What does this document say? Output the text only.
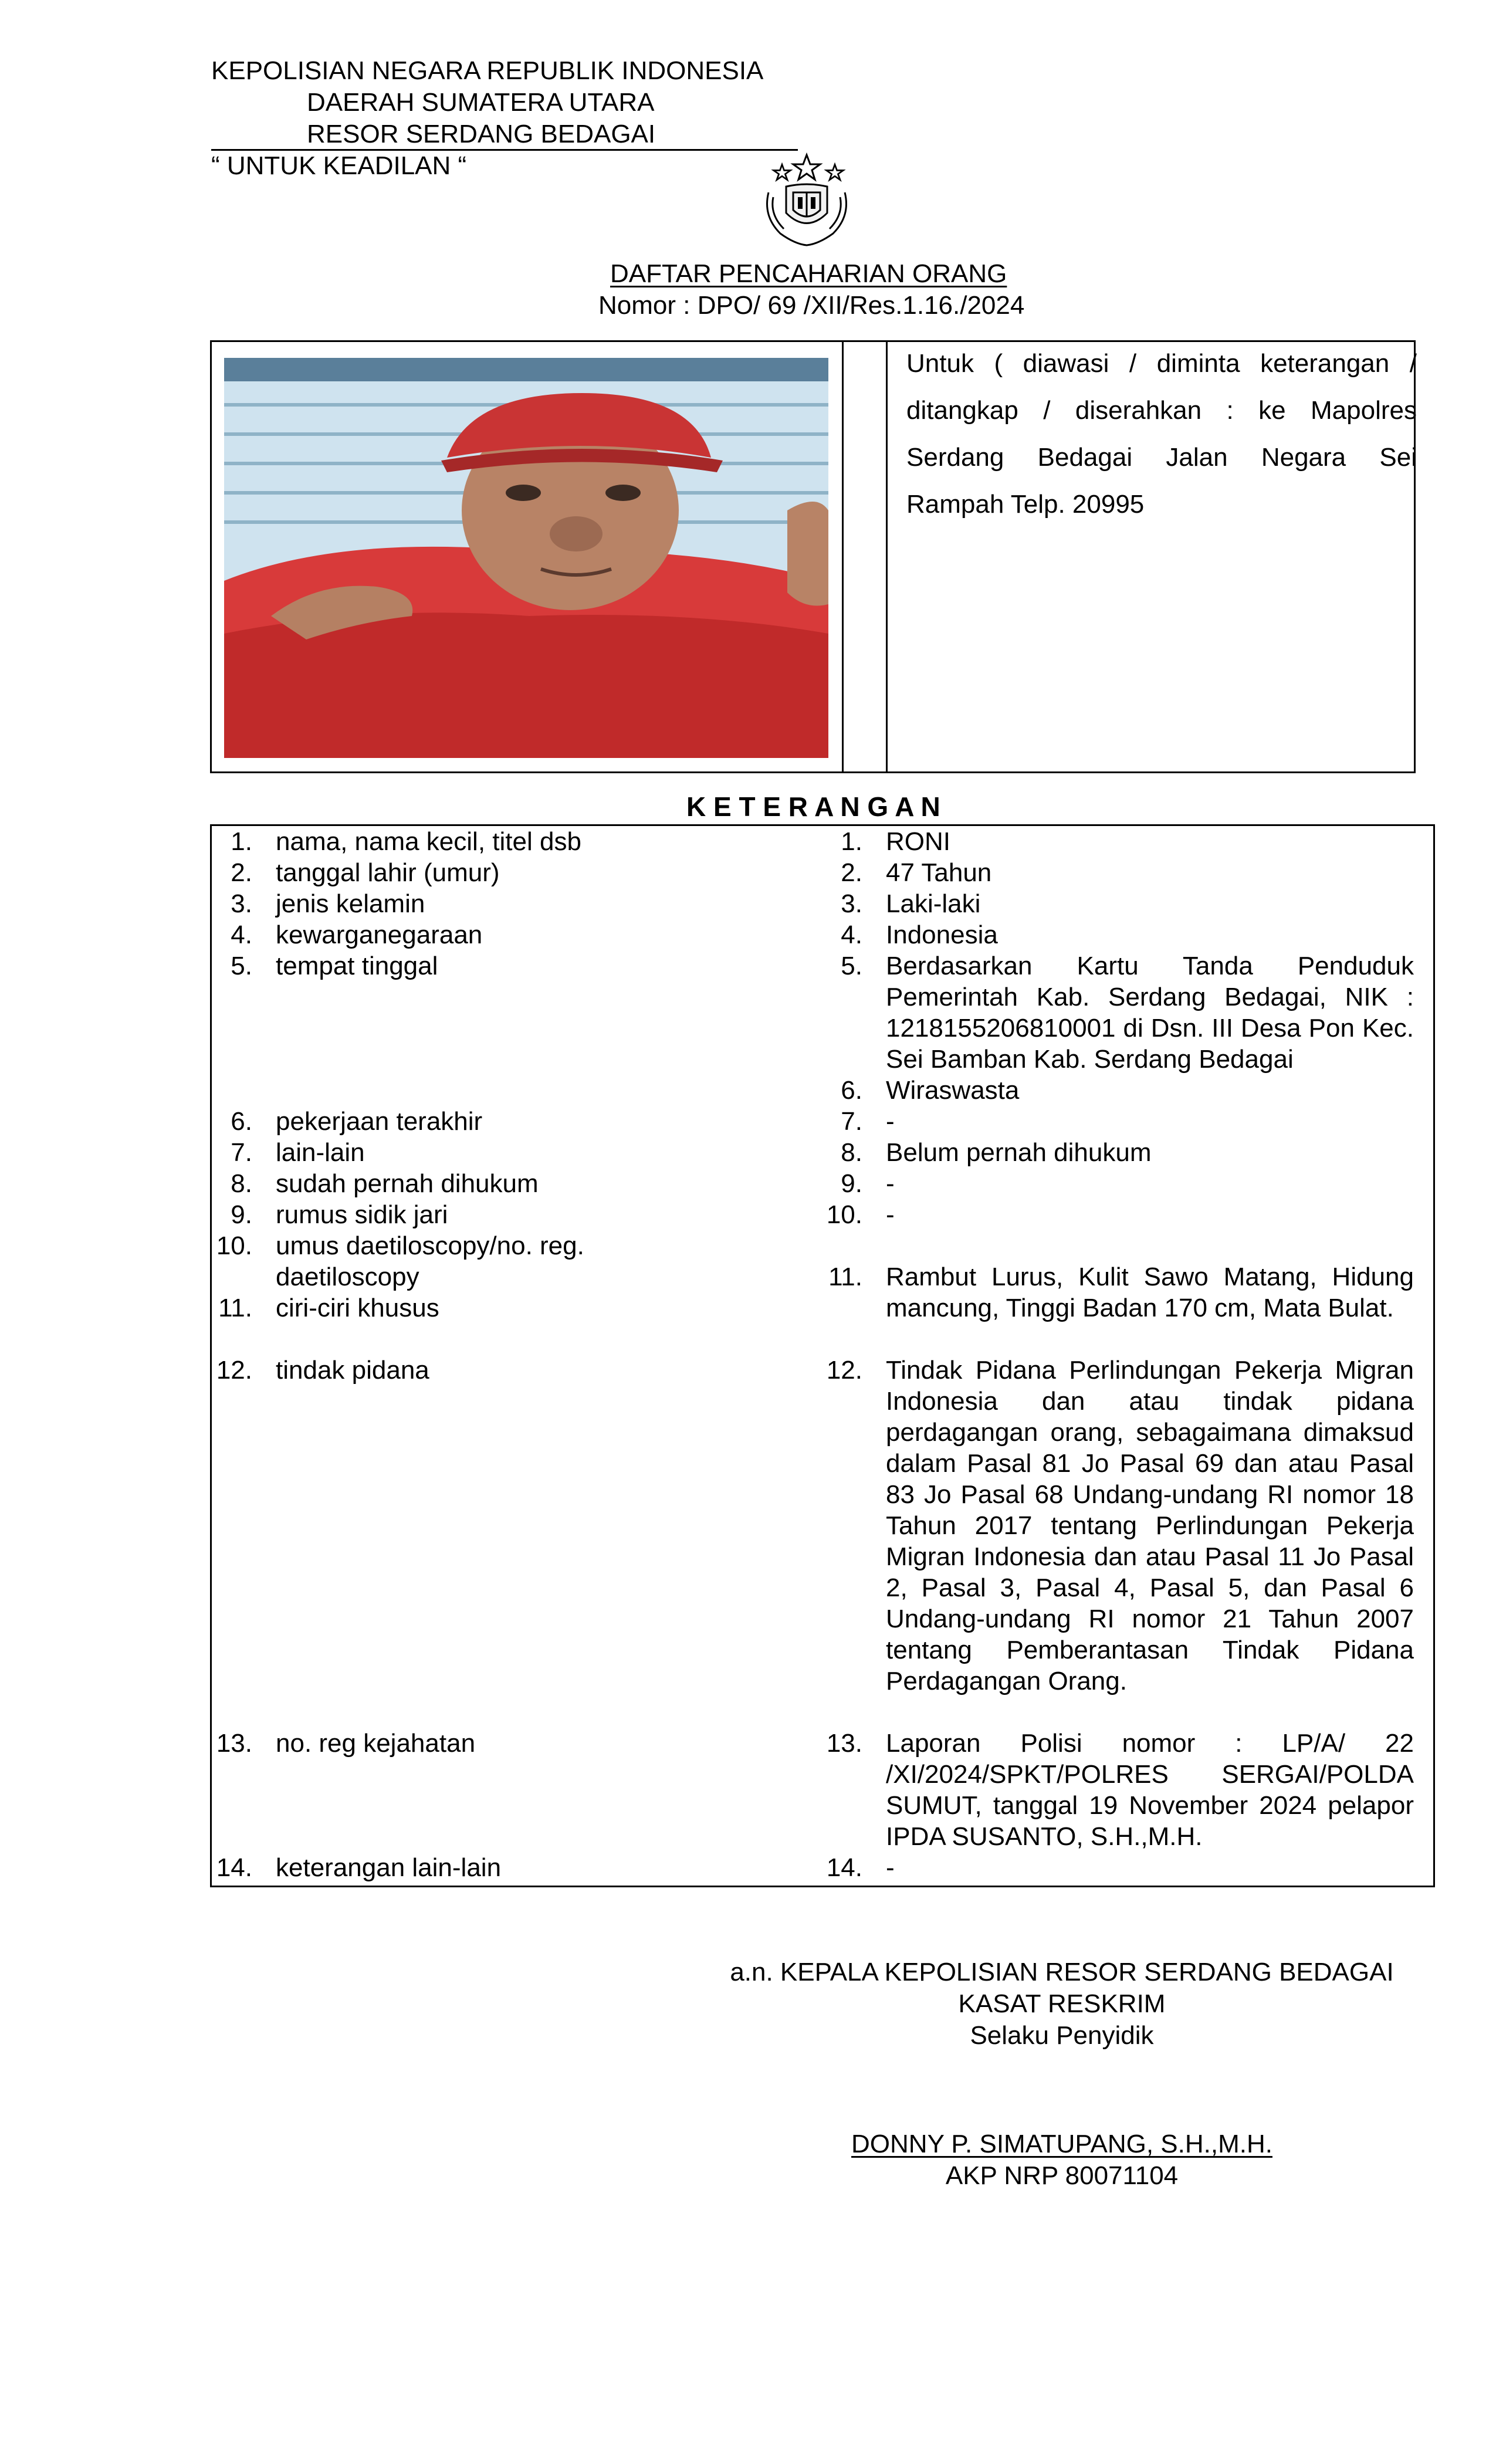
KEPOLISIAN NEGARA REPUBLIK INDONESIA
DAERAH SUMATERA UTARA
RESOR SERDANG BEDAGAI
“ UNTUK KEADILAN “
DAFTAR PENCAHARIAN ORANG
Nomor : DPO/ 69 /XII/Res.1.16./2024
Untuk ( diawasi / diminta keterangan /
ditangkap / diserahkan : ke Mapolres
Serdang Bedagai Jalan Negara Sei
Rampah Telp. 20995
K E T E R A N G A N
1. nama, nama kecil, titel dsb
2. tanggal lahir (umur)
3. jenis kelamin
4. kewarganegaraan
5. tempat tinggal
6. pekerjaan terakhir
7. lain-lain
8. sudah pernah dihukum
9. rumus sidik jari
10. umus daetiloscopy/no. reg.
daetiloscopy
11. ciri-ciri khusus
12. tindak pidana
13. no. reg kejahatan
14. keterangan lain-lain
1. RONI
2. 47 Tahun
3. Laki-laki
4. Indonesia
5. Berdasarkan Kartu Tanda Penduduk Pemerintah Kab. Serdang Bedagai, NIK : 1218155206810001 di Dsn. III Desa Pon Kec. Sei Bamban Kab. Serdang Bedagai
6. Wiraswasta
7. -
8. Belum pernah dihukum
9. -
10. -
11. Rambut Lurus, Kulit Sawo Matang, Hidung mancung, Tinggi Badan 170 cm, Mata Bulat.
12. Tindak Pidana Perlindungan Pekerja Migran Indonesia dan atau tindak pidana perdagangan orang, sebagaimana dimaksud dalam Pasal 81 Jo Pasal 69 dan atau Pasal 83 Jo Pasal 68 Undang-undang RI nomor 18 Tahun 2017 tentang Perlindungan Pekerja Migran Indonesia dan atau Pasal 11 Jo Pasal 2, Pasal 3, Pasal 4, Pasal 5, dan Pasal 6 Undang-undang RI nomor 21 Tahun 2007 tentang Pemberantasan Tindak Pidana Perdagangan Orang.
13. Laporan Polisi nomor : LP/A/ 22 /XI/2024/SPKT/POLRES SERGAI/POLDA SUMUT, tanggal 19 November 2024 pelapor IPDA SUSANTO, S.H.,M.H.
14. -
a.n. KEPALA KEPOLISIAN RESOR SERDANG BEDAGAI
KASAT RESKRIM
Selaku Penyidik
DONNY P. SIMATUPANG, S.H.,M.H.
AKP NRP 80071104
